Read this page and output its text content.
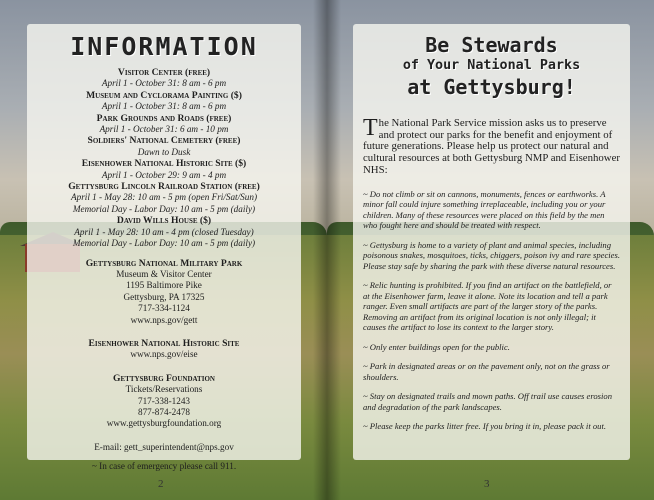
INFORMATION
Visitor Center (free)
April 1 - October 31: 8 am - 6 pm
Museum and Cyclorama Painting ($)
April 1 - October 31: 8 am - 6 pm
Park Grounds and Roads (free)
April 1 - October 31: 6 am - 10 pm
Soldiers' National Cemetery (free)
Dawn to Dusk
Eisenhower National Historic Site ($)
April 1 - October 29: 9 am - 4 pm
Gettysburg Lincoln Railroad Station (free)
April 1 - May 28: 10 am - 5 pm (open Fri/Sat/Sun)
Memorial Day - Labor Day: 10 am - 5 pm (daily)
David Wills House ($)
April 1 - May 28: 10 am - 4 pm (closed Tuesday)
Memorial Day - Labor Day: 10 am - 5 pm (daily)
Gettysburg National Military Park
Museum & Visitor Center
1195 Baltimore Pike
Gettysburg, PA 17325
717-334-1124
www.nps.gov/gett
Eisenhower National Historic Site
www.nps.gov/eise
Gettysburg Foundation
Tickets/Reservations
717-338-1243
877-874-2478
www.gettysburgfoundation.org
E-mail: gett_superintendent@nps.gov
~ In case of emergency please call 911.
2
Be Stewards
of Your National Parks
at Gettysburg!
The National Park Service mission asks us to preserve and protect our parks for the benefit and enjoyment of future generations. Please help us protect our natural and cultural resources at both Gettysburg NMP and Eisenhower NHS:

~ Do not climb or sit on cannons, monuments, fences or earthworks. A minor fall could injure something irreplaceable, including you or your children. Many of these resources were placed on this field by the men who fought here and should be treated with respect.

~ Gettysburg is home to a variety of plant and animal species, including poisonous snakes, mosquitoes, ticks, chiggers, poison ivy and rare species. Please stay safe by sharing the park with these diverse natural resources.

~ Relic hunting is prohibited. If you find an artifact on the battlefield, or at the Eisenhower farm, leave it alone. Note its location and tell a park ranger. Even small artifacts are part of the larger story of the parks. Removing an artifact from its original location is not only illegal; it causes the artifact to lose its context to the larger story.

~ Only enter buildings open for the public.

~ Park in designated areas or on the pavement only, not on the grass or shoulders.

~ Stay on designated trails and mown paths. Off trail use causes erosion and degradation of the park landscapes.

~ Please keep the parks litter free. If you bring it in, please pack it out.

3
